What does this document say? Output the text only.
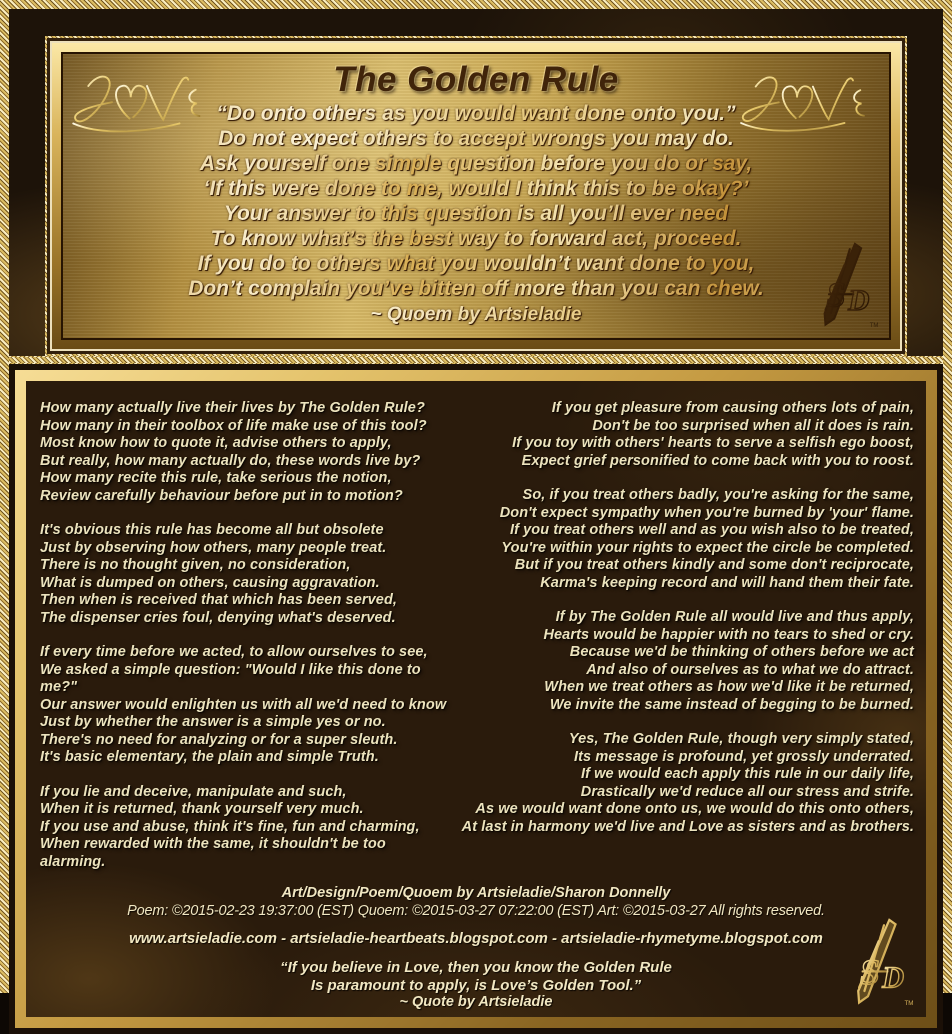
The Golden Rule
“Do onto others as you would want done onto you.”
Do not expect others to accept wrongs you may do.
Ask yourself one simple question before you do or say,
‘If this were done to me, would I think this to be okay?’
Your answer to this question is all you’ll ever need
To know what’s the best way to forward act, proceed.
If you do to others what you wouldn’t want done to you,
Don’t complain you’ve bitten off more than you can chew.
~ Quoem by Artsieladie
S D
TM
How many actually live their lives by The Golden Rule?
How many in their toolbox of life make use of this tool?
Most know how to quote it, advise others to apply,
But really, how many actually do, these words live by?
How many recite this rule, take serious the notion,
Review carefully behaviour before put in to motion?
It's obvious this rule has become all but obsolete
Just by observing how others, many people treat.
There is no thought given, no consideration,
What is dumped on others, causing aggravation.
Then when is received that which has been served,
The dispenser cries foul, denying what's deserved.
If every time before we acted, to allow ourselves to see,
We asked a simple question: "Would I like this done to me?"
Our answer would enlighten us with all we'd need to know
Just by whether the answer is a simple yes or no.
There's no need for analyzing or for a super sleuth.
It's basic elementary, the plain and simple Truth.
If you lie and deceive, manipulate and such,
When it is returned, thank yourself very much.
If you use and abuse, think it's fine, fun and charming,
When rewarded with the same, it shouldn't be too alarming.
If you get pleasure from causing others lots of pain,
Don't be too surprised when all it does is rain.
If you toy with others' hearts to serve a selfish ego boost,
Expect grief personified to come back with you to roost.
So, if you treat others badly, you're asking for the same,
Don't expect sympathy when you're burned by 'your' flame.
If you treat others well and as you wish also to be treated,
You're within your rights to expect the circle be completed.
But if you treat others kindly and some don't reciprocate,
Karma's keeping record and will hand them their fate.
If by The Golden Rule all would live and thus apply,
Hearts would be happier with no tears to shed or cry.
Because we'd be thinking of others before we act
And also of ourselves as to what we do attract.
When we treat others as how we'd like it be returned,
We invite the same instead of begging to be burned.
Yes, The Golden Rule, though very simply stated,
Its message is profound, yet grossly underrated.
If we would each apply this rule in our daily life,
Drastically we'd reduce all our stress and strife.
As we would want done onto us, we would do this onto others,
At last in harmony we'd live and Love as sisters and as brothers.
Art/Design/Poem/Quoem by Artsieladie/Sharon Donnelly
Poem: ©2015-02-23 19:37:00 (EST) Quoem: ©2015-03-27 07:22:00 (EST) Art: ©2015-03-27 All rights reserved.
www.artsieladie.com - artsieladie-heartbeats.blogspot.com - artsieladie-rhymetyme.blogspot.com
“If you believe in Love, then you know the Golden Rule
Is paramount to apply, is Love’s Golden Tool.”
~ Quote by Artsieladie
S D
TM
